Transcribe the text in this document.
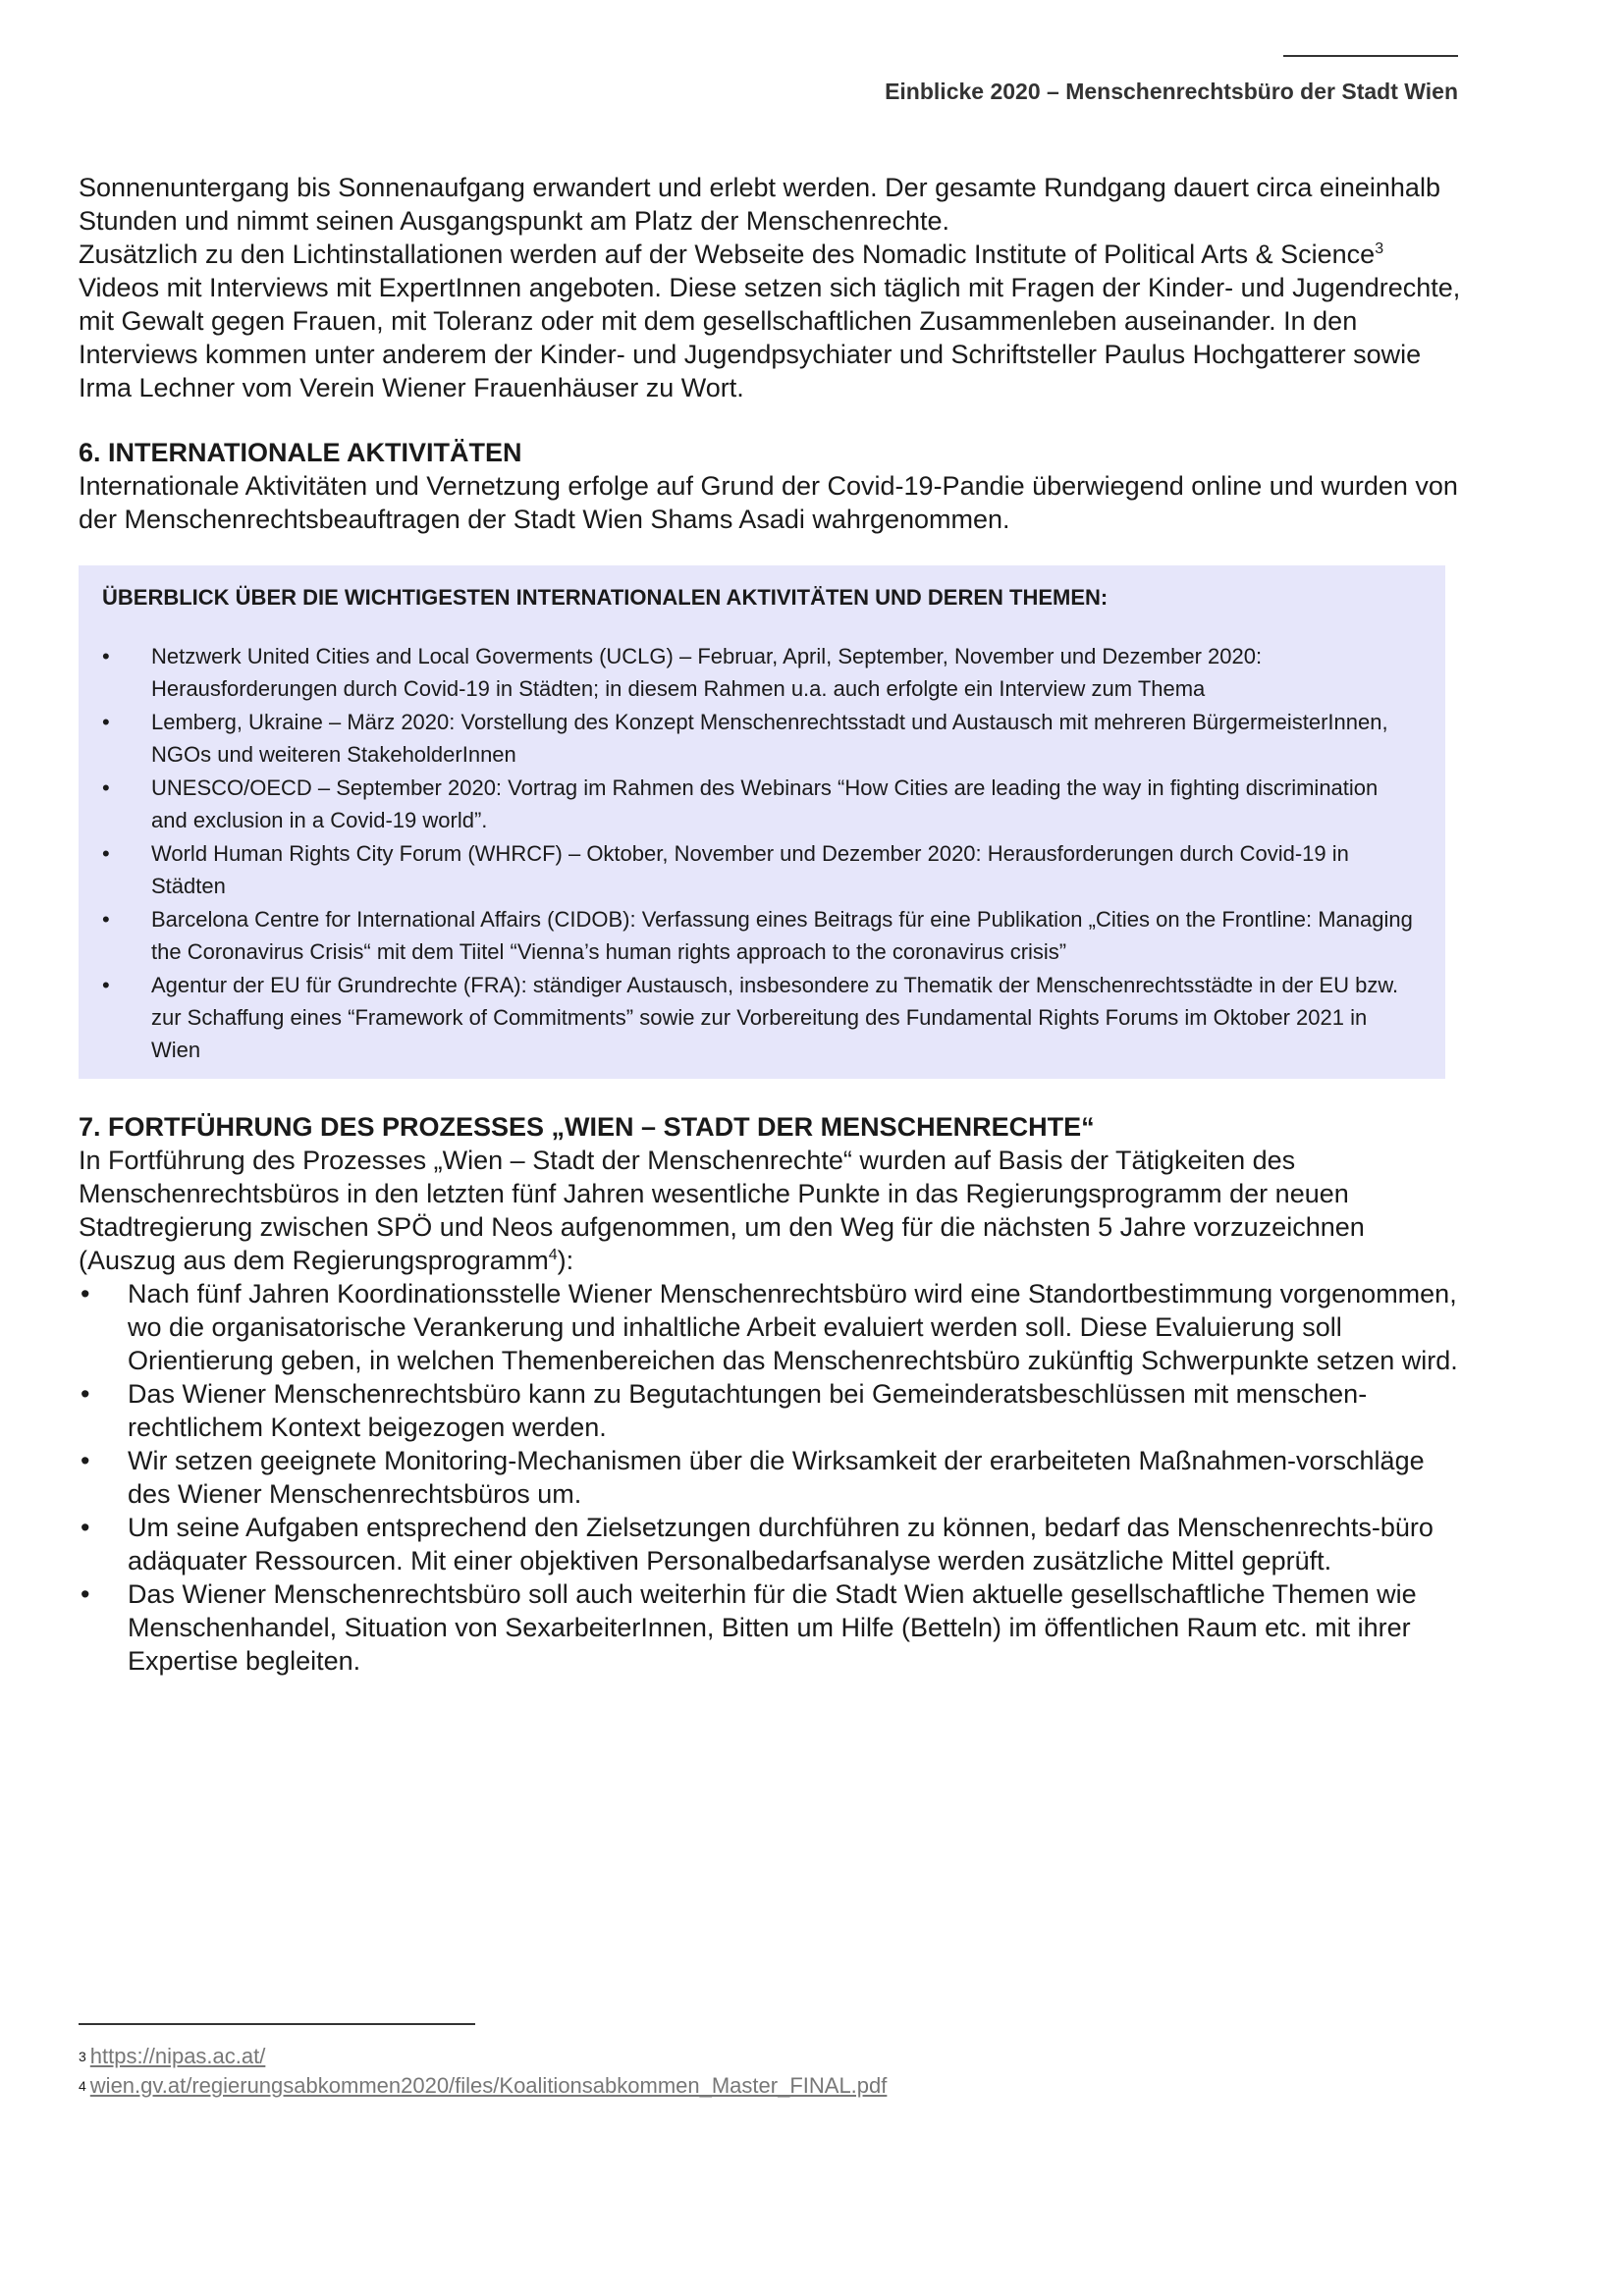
Einblicke 2020 – Menschenrechtsbüro der Stadt Wien

Sonnenuntergang bis Sonnenaufgang erwandert und erlebt werden. Der gesamte Rundgang dauert circa eineinhalb Stunden und nimmt seinen Ausgangspunkt am Platz der Menschenrechte.

Zusätzlich zu den Lichtinstallationen werden auf der Webseite des Nomadic Institute of Political Arts & Science$^3$ Videos mit Interviews mit ExpertInnen angeboten. Diese setzen sich täglich mit Fragen der Kinder- und Jugendrechte, mit Gewalt gegen Frauen, mit Toleranz oder mit dem gesellschaftlichen Zusammenleben auseinander. In den Interviews kommen unter anderem der Kinder- und Jugendpsychiater und Schriftsteller Paulus Hochgatterer sowie Irma Lechner vom Verein Wiener Frauenhäuser zu Wort.

6. INTERNATIONALE AKTIVITÄTEN

Internationale Aktivitäten und Vernetzung erfolge auf Grund der Covid-19-Pandie überwiegend online und wurden von der Menschenrechtsbeauftragen der Stadt Wien Shams Asadi wahrgenommen.

ÜBERBLICK ÜBER DIE WICHTIGESTEN INTERNATIONALEN AKTIVITÄTEN UND DEREN THEMEN:

• Netzwerk United Cities and Local Goverments (UCLG) – Februar, April, September, November und Dezember 2020: Herausforderungen durch Covid-19 in Städten; in diesem Rahmen u.a. auch erfolgte ein Interview zum Thema
• Lemberg, Ukraine – März 2020: Vorstellung des Konzept Menschenrechtsstadt und Austausch mit mehreren BürgermeisterInnen, NGOs und weiteren StakeholderInnen
• UNESCO/OECD – September 2020: Vortrag im Rahmen des Webinars “How Cities are leading the way in fighting discrimination and exclusion in a Covid-19 world”.
• World Human Rights City Forum (WHRCF) – Oktober, November und Dezember 2020: Herausforderungen durch Covid-19 in Städten
• Barcelona Centre for International Affairs (CIDOB): Verfassung eines Beitrags für eine Publikation „Cities on the Frontline: Managing the Coronavirus Crisis“ mit dem Tiitel “Vienna’s human rights approach to the coronavirus crisis”
• Agentur der EU für Grundrechte (FRA): ständiger Austausch, insbesondere zu Thematik der Menschenrechtsstädte in der EU bzw. zur Schaffung eines “Framework of Commitments” sowie zur Vorbereitung des Fundamental Rights Forums im Oktober 2021 in Wien

7. FORTFÜHRUNG DES PROZESSES „WIEN – STADT DER MENSCHENRECHTE“

In Fortführung des Prozesses „Wien – Stadt der Menschenrechte“ wurden auf Basis der Tätigkeiten des Menschenrechtsbüros in den letzten fünf Jahren wesentliche Punkte in das Regierungsprogramm der neuen Stadtregierung zwischen SPÖ und Neos aufgenommen, um den Weg für die nächsten 5 Jahre vorzuzeichnen (Auszug aus dem Regierungsprogramm$^4$):

• Nach fünf Jahren Koordinationsstelle Wiener Menschenrechtsbüro wird eine Standortbestimmung vorgenommen, wo die organisatorische Verankerung und inhaltliche Arbeit evaluiert werden soll. Diese Evaluierung soll Orientierung geben, in welchen Themenbereichen das Menschenrechtsbüro zukünftig Schwerpunkte setzen wird.
• Das Wiener Menschenrechtsbüro kann zu Begutachtungen bei Gemeinderatsbeschlüssen mit menschen-rechtlichem Kontext beigezogen werden.
• Wir setzen geeignete Monitoring-Mechanismen über die Wirksamkeit der erarbeiteten Maßnahmen-vorschläge des Wiener Menschenrechtsbüros um.
• Um seine Aufgaben entsprechend den Zielsetzungen durchführen zu können, bedarf das Menschenrechts-büro adäquater Ressourcen. Mit einer objektiven Personalbedarfsanalyse werden zusätzliche Mittel geprüft.
• Das Wiener Menschenrechtsbüro soll auch weiterhin für die Stadt Wien aktuelle gesellschaftliche Themen wie Menschenhandel, Situation von SexarbeiterInnen, Bitten um Hilfe (Betteln) im öffentlichen Raum etc. mit ihrer Expertise begleiten.
$^3$ https://nipas.ac.at/
$^4$ wien.gv.at/regierungsabkommen2020/files/Koalitionsabkommen_Master_FINAL.pdf
